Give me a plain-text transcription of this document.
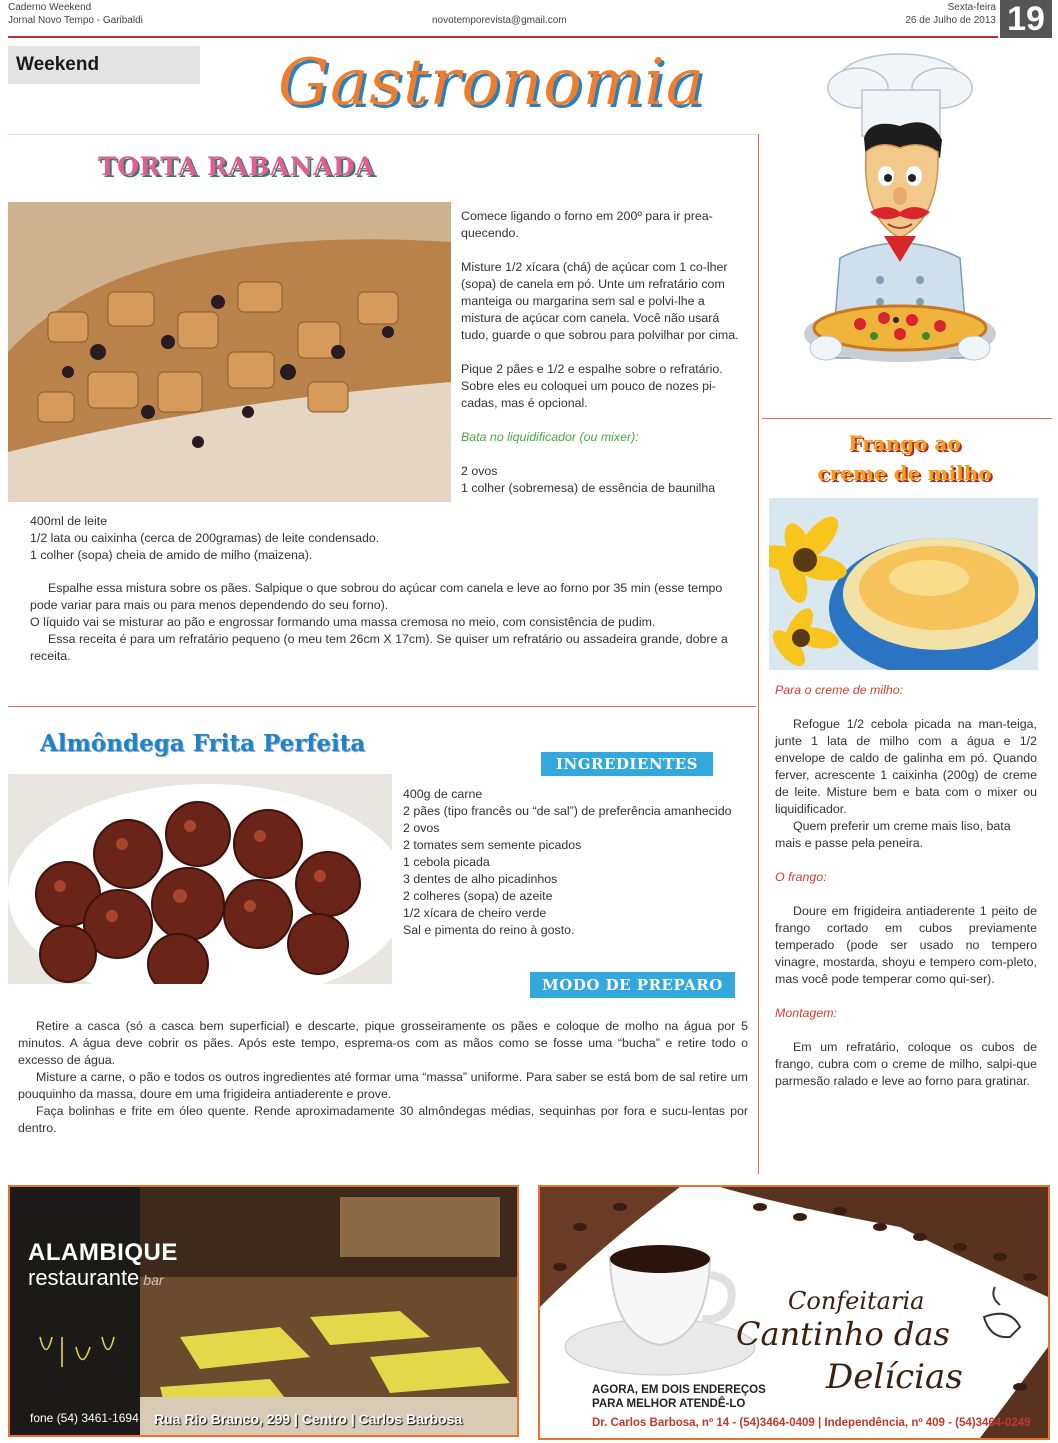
Caderno Weekend
Jornal Novo Tempo - Garibaldi	novotemporevista@gmail.com
Sexta-feira
26 de Julho de 2013 19
Weekend	Gastronomia
TORTA RABANADA

Comece ligando o forno em 200º para ir prea-quecendo.

Misture 1/2 xícara (chá) de açúcar com 1 co-lher (sopa) de canela em pó. Unte um refratário com manteiga ou margarina sem sal e polvi-lhe a mistura de açúcar com canela. Você não usará tudo, guarde o que sobrou para polvilhar por cima.

Pique 2 pães e 1/2 e espalhe sobre o refratário. Sobre eles eu coloquei um pouco de nozes pi-cadas, mas é opcional.

Bata no liquidificador (ou mixer):

2 ovos

1 colher (sobremesa) de essência de baunilha

400ml de leite

1/2 lata ou caixinha (cerca de 200gramas) de leite condensado.

1 colher (sopa) cheia de amido de milho (maizena).

Espalhe essa mistura sobre os pães. Salpique o que sobrou do açúcar com canela e leve ao forno por 35 min (esse tempo pode variar para mais ou para menos dependendo do seu forno).

O líquido vai se misturar ao pão e engrossar formando uma massa cremosa no meio, com consistência de pudim.

Essa receita é para um refratário pequeno (o meu tem 26cm X 17cm). Se quiser um refratário ou assadeira grande, dobre a receita.

Almôndega Frita Perfeita
INGREDIENTES

400g de carne

2 pães (tipo francês ou “de sal”) de preferência amanhecido

2 ovos

2 tomates sem semente picados

1 cebola picada

3 dentes de alho picadinhos

2 colheres (sopa) de azeite

1/2 xícara de cheiro verde

Sal e pimenta do reino à gosto.

MODO DE PREPARO

Retire a casca (só a casca bem superficial) e descarte, pique grosseiramente os pães e coloque de molho na água por 5 minutos. A água deve cobrir os pães. Após este tempo, esprema-os com as mãos como se fosse uma “bucha” e retire todo o excesso de água.

Misture a carne, o pão e todos os outros ingredientes até formar uma “massa” uniforme. Para saber se está bom de sal retire um pouquinho da massa, doure em uma frigideira antiaderente e prove.

Faça bolinhas e frite em óleo quente. Rende aproximadamente 30 almôndegas médias, sequinhas por fora e sucu-lentas por dentro.

Frango ao
creme de milho

Para o creme de milho:

Refogue 1/2 cebola picada na man-teiga, junte 1 lata de milho com a água e 1/2 envelope de caldo de galinha em pó. Quando ferver, acrescente 1 caixinha (200g) de creme de leite. Misture bem e bata com o mixer ou liquidificador.

Quem preferir um creme mais liso, bata mais e passe pela peneira.

O frango:

Doure em frigideira antiaderente 1 peito de frango cortado em cubos previamente temperado (pode ser usado no tempero vinagre, mostarda, shoyu e tempero com-pleto, mas você pode temperar como qui-ser).

Montagem:

Em um refratário, coloque os cubos de frango, cubra com o creme de milho, salpi-que parmesão ralado e leve ao forno para gratinar.

ALAMBIQUE
restaurante bar
fone (54) 3461-1694 Rua Rio Branco, 299 | Centro | Carlos Barbosa
Confeitaria
Cantinho das
Delícias
AGORA, EM DOIS ENDEREÇOS
PARA MELHOR ATENDÊ-LO
Dr. Carlos Barbosa, nº 14 - (54)3464-0409 | Independência, nº 409 - (54)3464-0249
